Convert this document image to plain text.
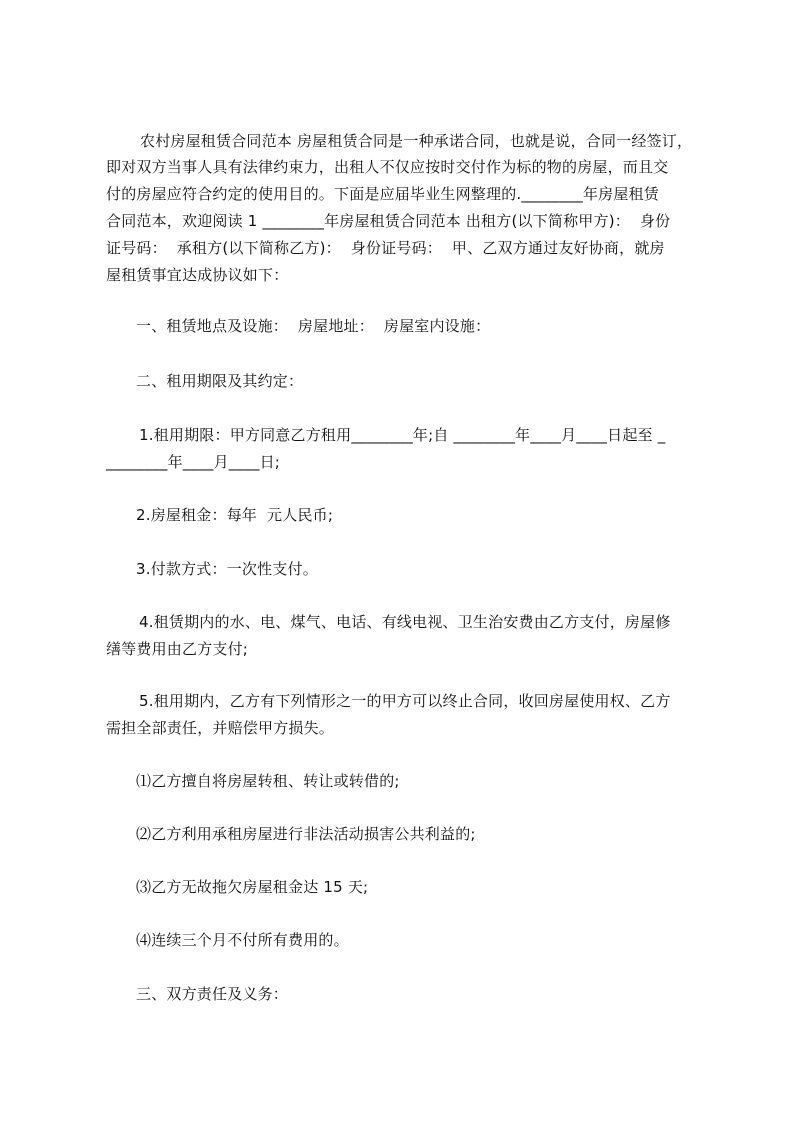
农村房屋租赁合同范本 房屋租赁合同是一种承诺合同，也就是说，合同一经签订，
即对双方当事人具有法律约束力，出租人不仅应按时交付作为标的物的房屋，而且交
付的房屋应符合约定的使用目的。下面是应届毕业生网整理的.________年房屋租赁
合同范本，欢迎阅读 1 ________年房屋租赁合同范本 出租方(以下简称甲方)：  身份
证号码：  承租方(以下简称乙方)：  身份证号码：  甲、乙双方通过友好协商，就房
屋租赁事宜达成协议如下：
一、租赁地点及设施：  房屋地址：  房屋室内设施：
二、租用期限及其约定：
1.租用期限：甲方同意乙方租用________年;自 ________年____月____日起至 _
________年____月____日;
2.房屋租金：每年  元人民币;
3.付款方式：一次性支付。
4.租赁期内的水、电、煤气、电话、有线电视、卫生治安费由乙方支付，房屋修
缮等费用由乙方支付;
5.租用期内，乙方有下列情形之一的甲方可以终止合同，收回房屋使用权、乙方
需担全部责任，并赔偿甲方损失。
⑴乙方擅自将房屋转租、转让或转借的;
⑵乙方利用承租房屋进行非法活动损害公共利益的;
⑶乙方无故拖欠房屋租金达 15 天;
⑷连续三个月不付所有费用的。
三、双方责任及义务：
